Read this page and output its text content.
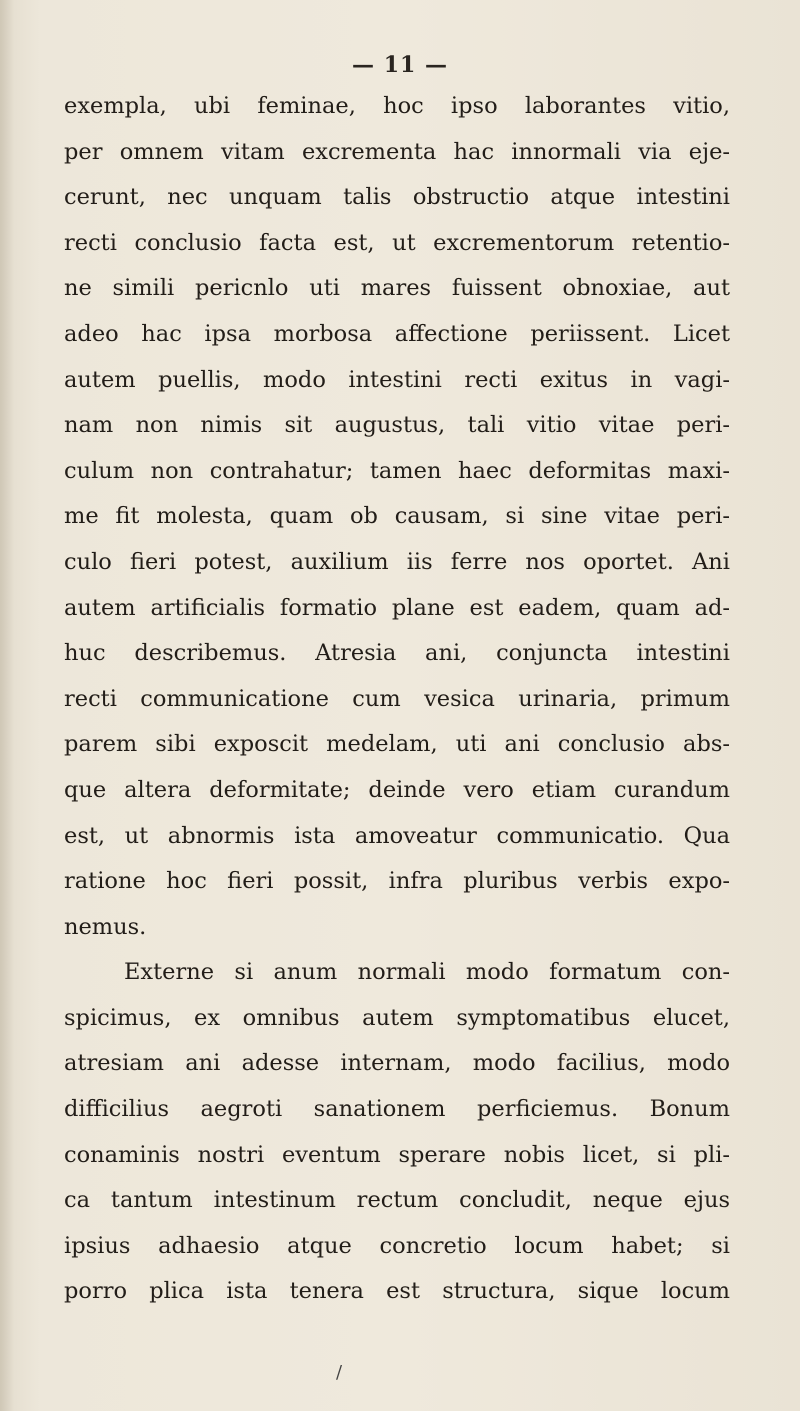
— 11 —
exempla, ubi feminae, hoc ipso laborantes vitio,
per omnem vitam excrementa hac innormali via eje-
cerunt, nec unquam talis obstructio atque intestini
recti conclusio facta est, ut excrementorum retentio-
ne simili pericnlo uti mares fuissent obnoxiae, aut
adeo hac ipsa morbosa affectione periissent. Licet
autem puellis, modo intestini recti exitus in vagi-
nam non nimis sit augustus, tali vitio vitae peri-
culum non contrahatur; tamen haec deformitas maxi-
me fit molesta, quam ob causam, si sine vitae peri-
culo fieri potest, auxilium iis ferre nos oportet. Ani
autem artificialis formatio plane est eadem, quam ad-
huc describemus. Atresia ani, conjuncta intestini
recti communicatione cum vesica urinaria, primum
parem sibi exposcit medelam, uti ani conclusio abs-
que altera deformitate; deinde vero etiam curandum
est, ut abnormis ista amoveatur communicatio. Qua
ratione hoc fieri possit, infra pluribus verbis expo-
nemus.
Externe si anum normali modo formatum con-
spicimus, ex omnibus autem symptomatibus elucet,
atresiam ani adesse internam, modo facilius, modo
difficilius aegroti sanationem perficiemus. Bonum
conaminis nostri eventum sperare nobis licet, si pli-
ca tantum intestinum rectum concludit, neque ejus
ipsius adhaesio atque concretio locum habet; si
porro plica ista tenera est structura, sique locum
/
